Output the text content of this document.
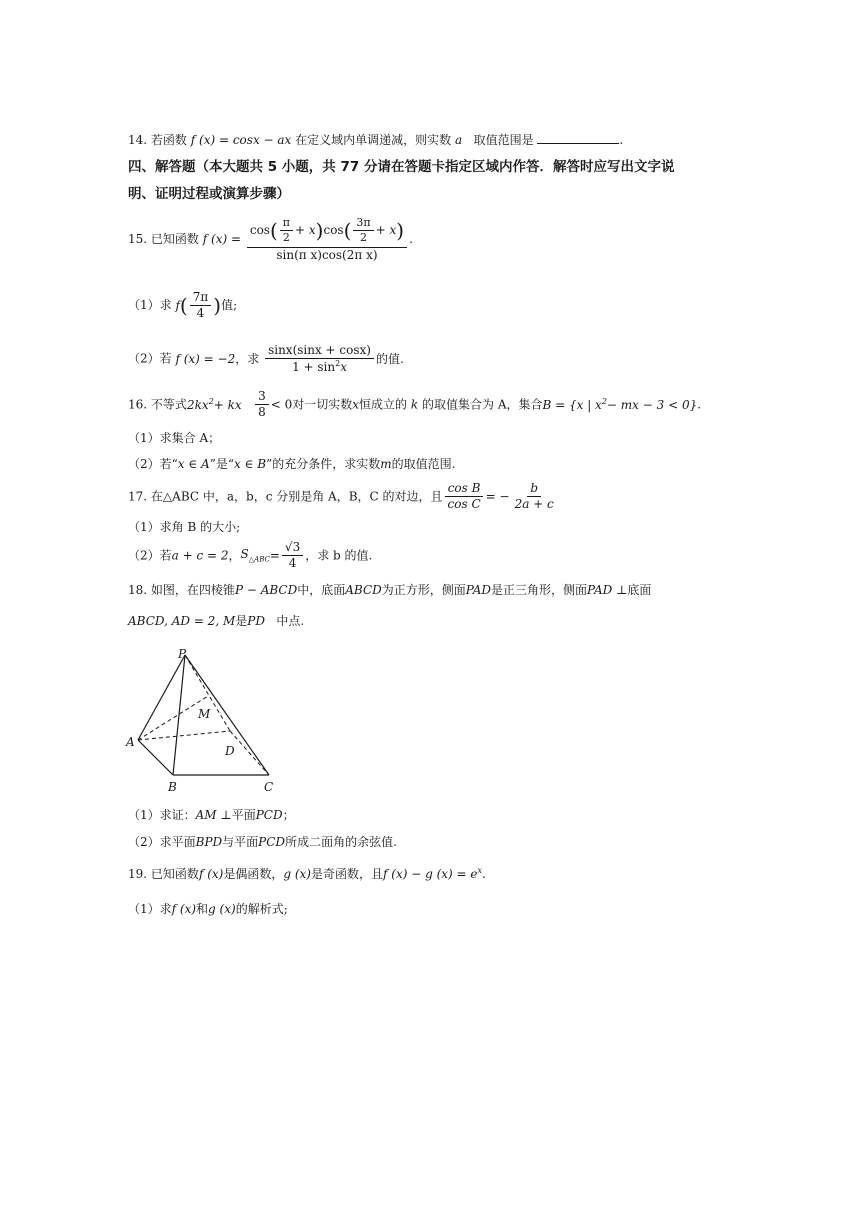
14. 若函数 f (x) = cosx − ax 在定义域内单调递减，则实数 a 取值范围是	.
四、解答题（本大题共 5 小题，共 77 分请在答题卡指定区域内作答．解答时应写出文字说
明、证明过程或演算步骤）
15. 已知函数 f $(x) = \frac{\cos( \frac{\pi}{2} + x)\cos( \frac{3\pi}{2} + x)}{\text{sin(π x)cos(2π x)}}$ .
（1）求 $f( \frac{7\pi}{4}$ )值;
（2）若 f (x) = −2，求 $\frac{\sin x(\sin x + \cos x)}{1 + \sin^2x}$ 的值.
16. 不等式$2kx^2+$ kx $\frac{3}{8} < 0$对一切实数x恒成立的 k 的取值集合为 A，集合B = {x | $x^2-$ mx − 3 < 0}.
（1）求集合 A；
（2）若“x ∈ A”是“x ∈ B”的充分条件，求实数m的取值范围.
17. 在△ABC 中，a，b，c 分别是角 A，B，C 的对边，且 $\frac{\text{cos B}}{\text{cos C}}$ = − $\frac{b}{2a + c}$
（1）求角 B 的大小;
（2）若a + c = 2，$S_{\triangle ABC}= \frac{√3}{4}$ ，求 b 的值.
18. 如图，在四棱锥P − ABCD中，底面ABCD为正方形，侧面PAD是正三角形，侧面PAD ⊥底面
ABCD, AD = 2, M是PD 中点.
P
A
B	C
D
M
（1）求证：AM ⊥平面PCD；
（2）求平面BPD与平面PCD所成二面角的余弦值.
19. 已知函数f (x)是偶函数，g (x)是奇函数，且f (x) − g $(x) = e^x$.
（1）求f (x)和g (x)的解析式;
